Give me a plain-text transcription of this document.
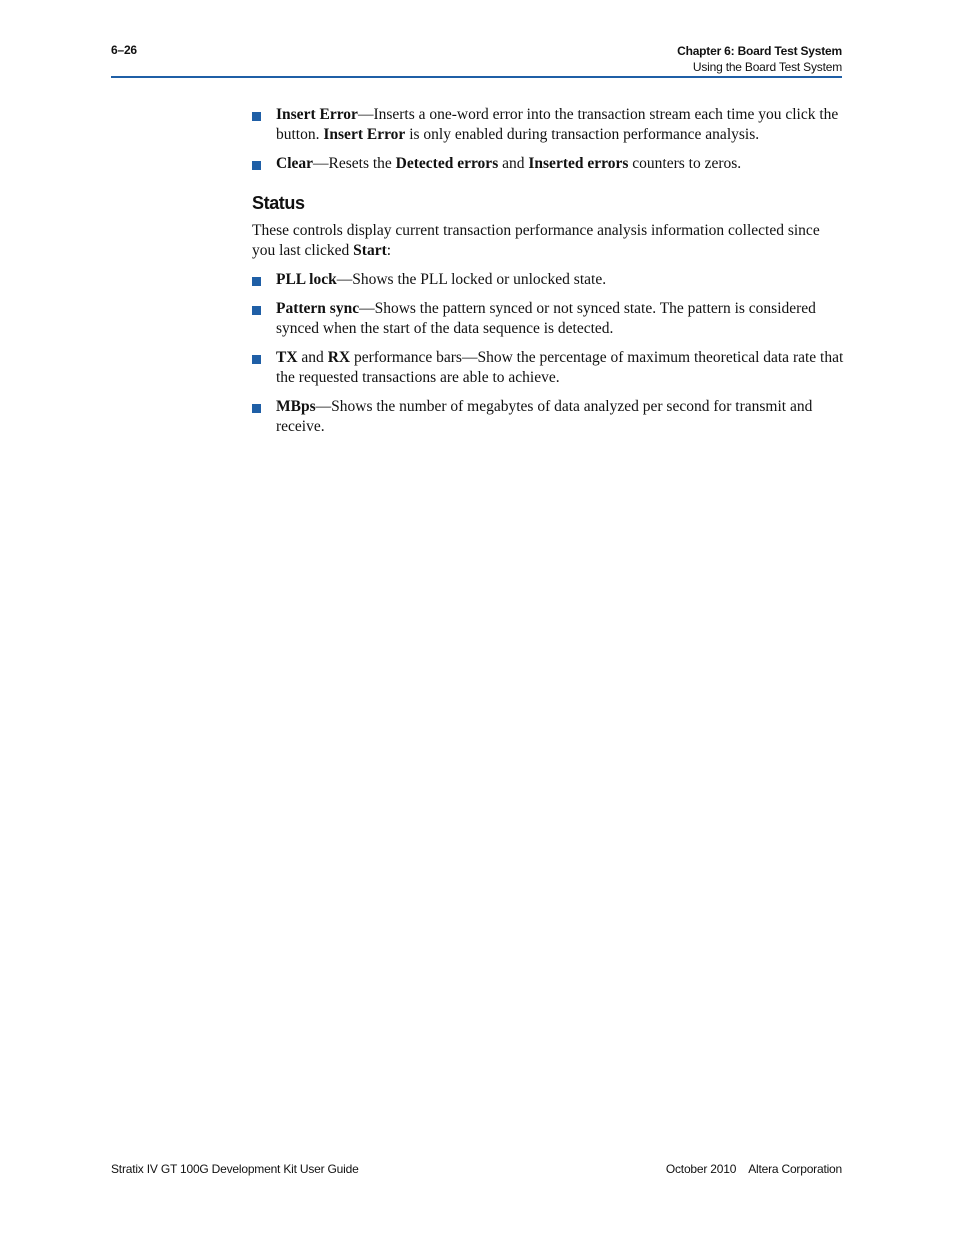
6–26	Chapter 6: Board Test System
Using the Board Test System
Insert Error—Inserts a one-word error into the transaction stream each time you click the button. Insert Error is only enabled during transaction performance analysis.
Clear—Resets the Detected errors and Inserted errors counters to zeros.
Status

These controls display current transaction performance analysis information collected since you last clicked Start:

PLL lock—Shows the PLL locked or unlocked state.
Pattern sync—Shows the pattern synced or not synced state. The pattern is considered synced when the start of the data sequence is detected.
TX and RX performance bars—Show the percentage of maximum theoretical data rate that the requested transactions are able to achieve.
MBps—Shows the number of megabytes of data analyzed per second for transmit and receive.
Stratix IV GT 100G Development Kit User Guide	October 2010 Altera Corporation
